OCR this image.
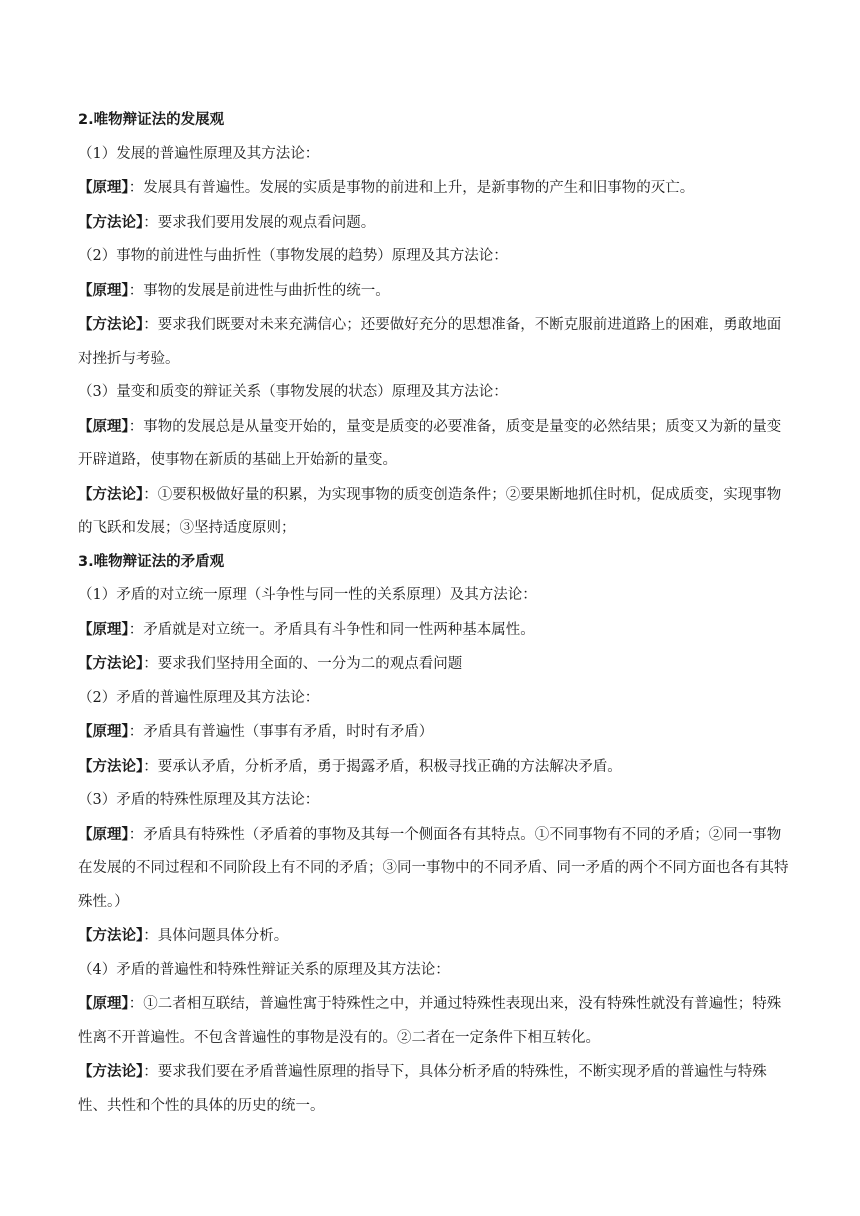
2.唯物辩证法的发展观

（1）发展的普遍性原理及其方法论：

【原理】：发展具有普遍性。发展的实质是事物的前进和上升，是新事物的产生和旧事物的灭亡。

【方法论】：要求我们要用发展的观点看问题。

（2）事物的前进性与曲折性（事物发展的趋势）原理及其方法论：

【原理】：事物的发展是前进性与曲折性的统一。

【方法论】：要求我们既要对未来充满信心；还要做好充分的思想准备，不断克服前进道路上的困难，勇敢地面对挫折与考验。

（3）量变和质变的辩证关系（事物发展的状态）原理及其方法论：

【原理】：事物的发展总是从量变开始的，量变是质变的必要准备，质变是量变的必然结果；质变又为新的量变开辟道路，使事物在新质的基础上开始新的量变。

【方法论】：①要积极做好量的积累，为实现事物的质变创造条件；②要果断地抓住时机，促成质变，实现事物的飞跃和发展；③坚持适度原则；

3.唯物辩证法的矛盾观

（1）矛盾的对立统一原理（斗争性与同一性的关系原理）及其方法论：

【原理】：矛盾就是对立统一。矛盾具有斗争性和同一性两种基本属性。

【方法论】：要求我们坚持用全面的、一分为二的观点看问题

（2）矛盾的普遍性原理及其方法论：

【原理】：矛盾具有普遍性（事事有矛盾，时时有矛盾）

【方法论】：要承认矛盾，分析矛盾，勇于揭露矛盾，积极寻找正确的方法解决矛盾。

（3）矛盾的特殊性原理及其方法论：

【原理】：矛盾具有特殊性（矛盾着的事物及其每一个侧面各有其特点。①不同事物有不同的矛盾；②同一事物在发展的不同过程和不同阶段上有不同的矛盾；③同一事物中的不同矛盾、同一矛盾的两个不同方面也各有其特殊性。）

【方法论】：具体问题具体分析。

（4）矛盾的普遍性和特殊性辩证关系的原理及其方法论：

【原理】：①二者相互联结，普遍性寓于特殊性之中，并通过特殊性表现出来，没有特殊性就没有普遍性；特殊性离不开普遍性。不包含普遍性的事物是没有的。②二者在一定条件下相互转化。

【方法论】：要求我们要在矛盾普遍性原理的指导下，具体分析矛盾的特殊性，不断实现矛盾的普遍性与特殊性、共性和个性的具体的历史的统一。
